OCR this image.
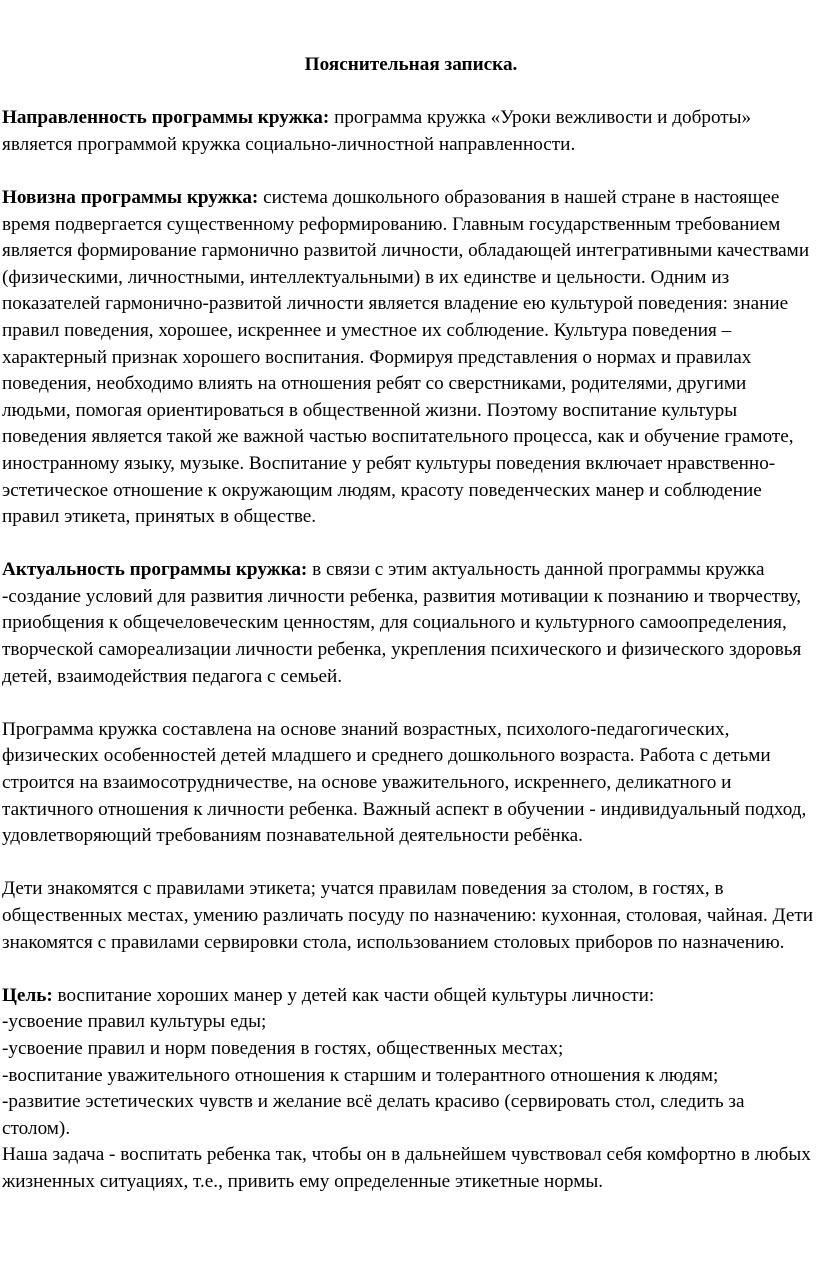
Пояснительная записка.

Направленность программы кружка: программа кружка «Уроки вежливости и доброты» является программой кружка социально-личностной направленности.

Новизна программы кружка: система дошкольного образования в нашей стране в настоящее время подвергается существенному реформированию. Главным государственным требованием является формирование гармонично развитой личности, обладающей интегративными качествами (физическими, личностными, интеллектуальными) в их единстве и цельности. Одним из показателей гармонично-развитой личности является владение ею культурой поведения: знание правил поведения, хорошее, искреннее и уместное их соблюдение. Культура поведения – характерный признак хорошего воспитания. Формируя представления о нормах и правилах поведения, необходимо влиять на отношения ребят со сверстниками, родителями, другими людьми, помогая ориентироваться в общественной жизни. Поэтому воспитание культуры поведения является такой же важной частью воспитательного процесса, как и обучение грамоте, иностранному языку, музыке. Воспитание у ребят культуры поведения включает нравственно-эстетическое отношение к окружающим людям, красоту поведенческих манер и соблюдение правил этикета, принятых в обществе.

Актуальность программы кружка: в связи с этим актуальность данной программы кружка -создание условий для развития личности ребенка, развития мотивации к познанию и творчеству, приобщения к общечеловеческим ценностям, для социального и культурного самоопределения, творческой самореализации личности ребенка, укрепления психического и физического здоровья детей, взаимодействия педагога с семьей.

Программа кружка составлена на основе знаний возрастных, психолого-педагогических, физических особенностей детей младшего и среднего дошкольного возраста. Работа с детьми строится на взаимосотрудничестве, на основе уважительного, искреннего, деликатного и тактичного отношения к личности ребенка. Важный аспект в обучении - индивидуальный подход, удовлетворяющий требованиям познавательной деятельности ребёнка.

Дети знакомятся с правилами этикета; учатся правилам поведения за столом, в гостях, в общественных местах, умению различать посуду по назначению: кухонная, столовая, чайная. Дети знакомятся с правилами сервировки стола, использованием столовых приборов по назначению.

Цель: воспитание хороших манер у детей как части общей культуры личности:

-усвоение правил культуры еды;

-усвоение правил и норм поведения в гостях, общественных местах;

-воспитание уважительного отношения к старшим и толерантного отношения к людям;

-развитие эстетических чувств и желание всё делать красиво (сервировать стол, следить за столом).

Наша задача - воспитать ребенка так, чтобы он в дальнейшем чувствовал себя комфортно в любых жизненных ситуациях, т.е., привить ему определенные этикетные нормы.
